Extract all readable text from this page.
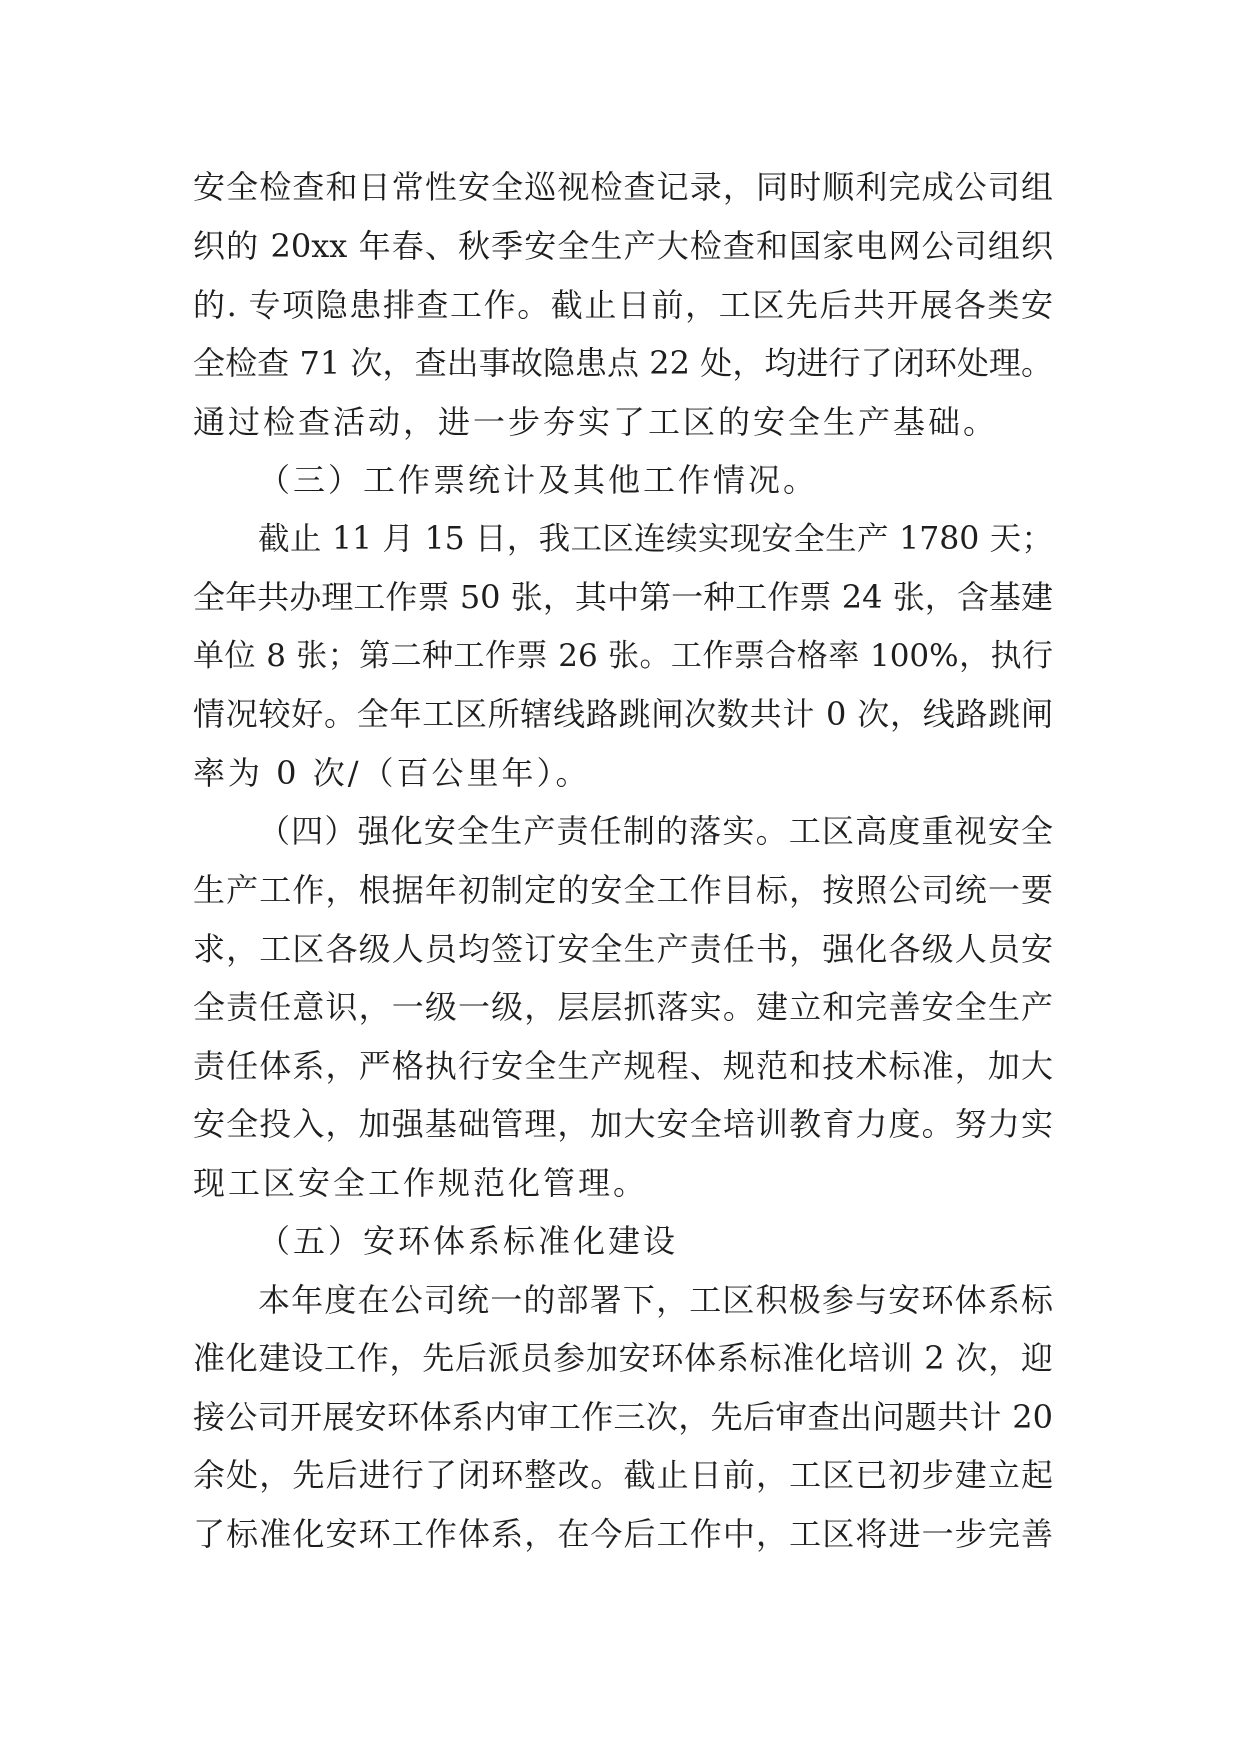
安全检查和日常性安全巡视检查记录，同时顺利完成公司组

织的 20xx 年春、秋季安全生产大检查和国家电网公司组织

的. 专项隐患排查工作。截止日前，工区先后共开展各类安

全检查 71 次，查出事故隐患点 22 处，均进行了闭环处理。

通过检查活动，进一步夯实了工区的安全生产基础。

（三）工作票统计及其他工作情况。

截止 11 月 15 日，我工区连续实现安全生产 1780 天；

全年共办理工作票 50 张，其中第一种工作票 24 张，含基建

单位 8 张；第二种工作票 26 张。工作票合格率 100%，执行

情况较好。全年工区所辖线路跳闸次数共计 0 次，线路跳闸

率为 0 次/（百公里年）。

（四）强化安全生产责任制的落实。工区高度重视安全

生产工作，根据年初制定的安全工作目标，按照公司统一要

求，工区各级人员均签订安全生产责任书，强化各级人员安

全责任意识，一级一级，层层抓落实。建立和完善安全生产

责任体系，严格执行安全生产规程、规范和技术标准，加大

安全投入，加强基础管理，加大安全培训教育力度。努力实

现工区安全工作规范化管理。

（五）安环体系标准化建设

本年度在公司统一的部署下，工区积极参与安环体系标

准化建设工作，先后派员参加安环体系标准化培训 2 次，迎

接公司开展安环体系内审工作三次，先后审查出问题共计 20

余处，先后进行了闭环整改。截止日前，工区已初步建立起

了标准化安环工作体系，在今后工作中，工区将进一步完善
